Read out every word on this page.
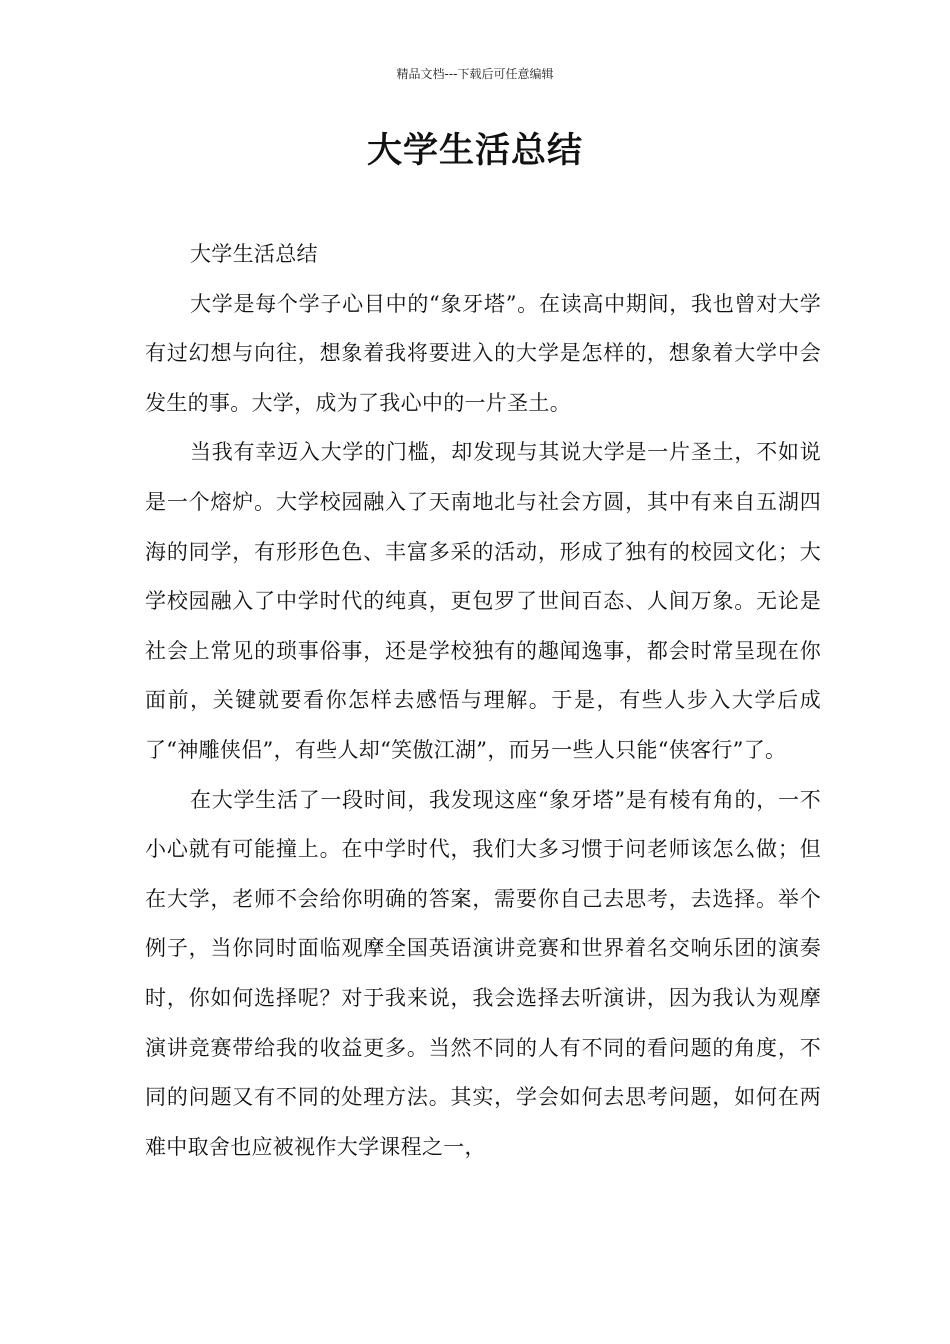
精品文档---下载后可任意编辑
大学生活总结

大学生活总结

大学是每个学子心目中的“象牙塔”。在读高中期间，我也曾对大学有过幻想与向往，想象着我将要进入的大学是怎样的，想象着大学中会发生的事。大学，成为了我心中的一片圣土。

当我有幸迈入大学的门槛，却发现与其说大学是一片圣土，不如说是一个熔炉。大学校园融入了天南地北与社会方圆，其中有来自五湖四海的同学，有形形色色、丰富多采的活动，形成了独有的校园文化；大学校园融入了中学时代的纯真，更包罗了世间百态、人间万象。无论是社会上常见的琐事俗事，还是学校独有的趣闻逸事，都会时常呈现在你面前，关键就要看你怎样去感悟与理解。于是，有些人步入大学后成了“神雕侠侣”，有些人却“笑傲江湖”，而另一些人只能“侠客行”了。

在大学生活了一段时间，我发现这座“象牙塔”是有棱有角的，一不小心就有可能撞上。在中学时代，我们大多习惯于问老师该怎么做；但在大学，老师不会给你明确的答案，需要你自己去思考，去选择。举个例子，当你同时面临观摩全国英语演讲竞赛和世界着名交响乐团的演奏时，你如何选择呢？对于我来说，我会选择去听演讲，因为我认为观摩演讲竞赛带给我的收益更多。当然不同的人有不同的看问题的角度，不同的问题又有不同的处理方法。其实，学会如何去思考问题，如何在两难中取舍也应被视作大学课程之一，
